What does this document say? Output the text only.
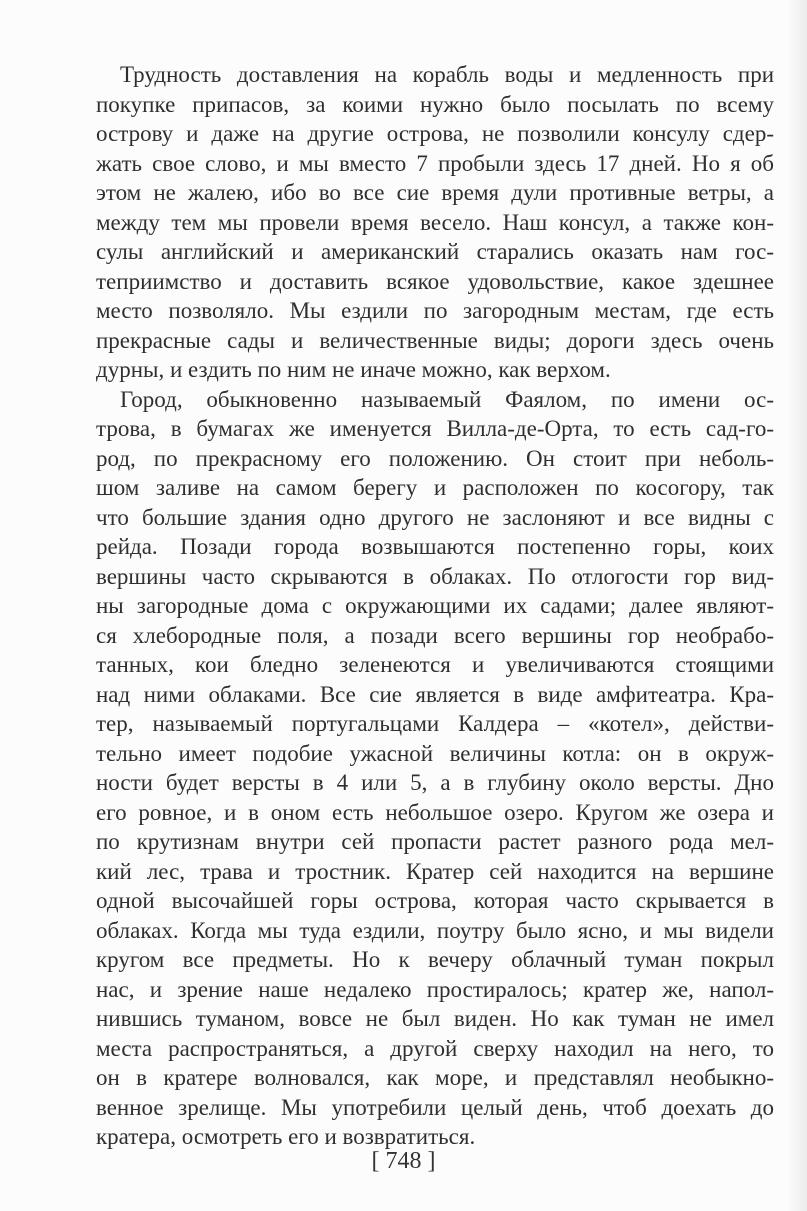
Трудность доставления на корабль воды и медленность при
покупке припасов, за коими нужно было посылать по всему
острову и даже на другие острова, не позволили консулу сдер-
жать свое слово, и мы вместо 7 пробыли здесь 17 дней. Но я об
этом не жалею, ибо во все сие время дули противные ветры, а
между тем мы провели время весело. Наш консул, а также кон-
сулы английский и американский старались оказать нам гос-
теприимство и доставить всякое удовольствие, какое здешнее
место позволяло. Мы ездили по загородным местам, где есть
прекрасные сады и величественные виды; дороги здесь очень
дурны, и ездить по ним не иначе можно, как верхом.
Город, обыкновенно называемый Фаялом, по имени ос-
трова, в бумагах же именуется Вилла-де-Орта, то есть сад-го-
род, по прекрасному его положению. Он стоит при неболь-
шом заливе на самом берегу и расположен по косогору, так
что большие здания одно другого не заслоняют и все видны с
рейда. Позади города возвышаются постепенно горы, коих
вершины часто скрываются в облаках. По отлогости гор вид-
ны загородные дома с окружающими их садами; далее являют-
ся хлебородные поля, а позади всего вершины гор необрабо-
танных, кои бледно зеленеются и увеличиваются стоящими
над ними облаками. Все сие является в виде амфитеатра. Кра-
тер, называемый португальцами Калдера – «котел», действи-
тельно имеет подобие ужасной величины котла: он в окруж-
ности будет версты в 4 или 5, а в глубину около версты. Дно
его ровное, и в оном есть небольшое озеро. Кругом же озера и
по крутизнам внутри сей пропасти растет разного рода мел-
кий лес, трава и тростник. Кратер сей находится на вершине
одной высочайшей горы острова, которая часто скрывается в
облаках. Когда мы туда ездили, поутру было ясно, и мы видели
кругом все предметы. Но к вечеру облачный туман покрыл
нас, и зрение наше недалеко простиралось; кратер же, напол-
нившись туманом, вовсе не был виден. Но как туман не имел
места распространяться, а другой сверху находил на него, то
он в кратере волновался, как море, и представлял необыкно-
венное зрелище. Мы употребили целый день, чтоб доехать до
кратера, осмотреть его и возвратиться.
[ 748 ]
